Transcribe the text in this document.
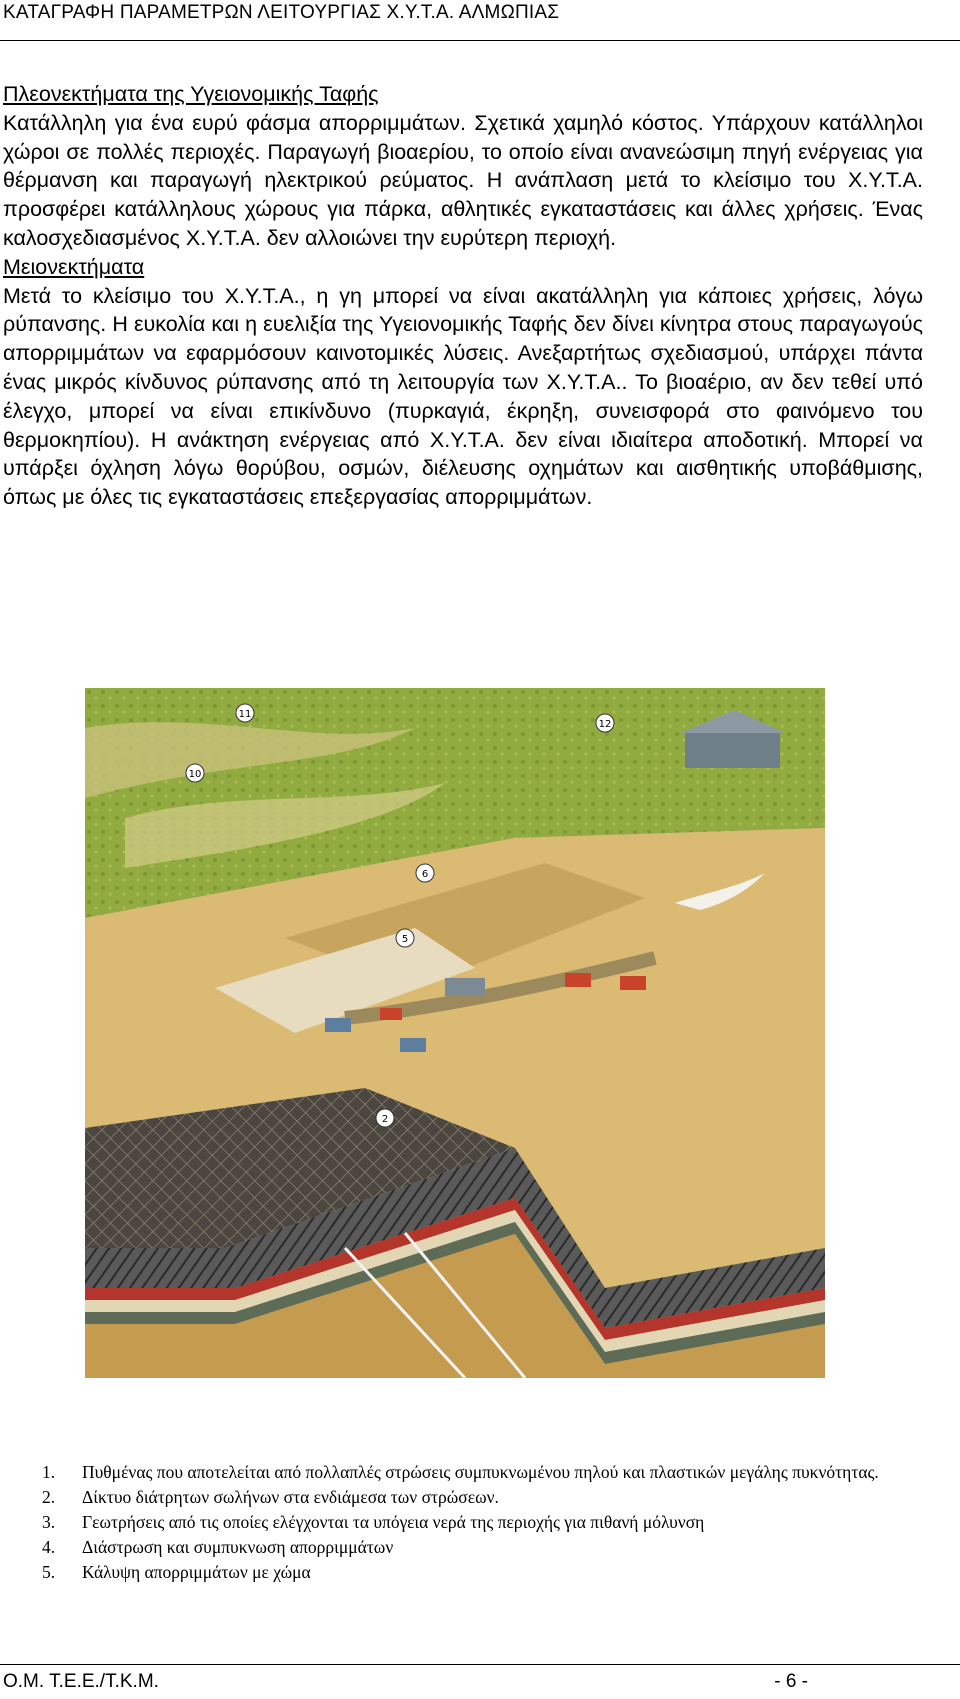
ΚΑΤΑΓΡΑΦΗ ΠΑΡΑΜΕΤΡΩΝ ΛΕΙΤΟΥΡΓΙΑΣ Χ.Υ.Τ.Α. ΑΛΜΩΠΙΑΣ

Πλεονεκτήματα της Υγειονομικής Ταφής

Κατάλληλη για ένα ευρύ φάσμα απορριμμάτων. Σχετικά χαμηλό κόστος. Υπάρχουν κατάλληλοι χώροι σε πολλές περιοχές. Παραγωγή βιοαερίου, το οποίο είναι ανανεώσιμη πηγή ενέργειας για θέρμανση και παραγωγή ηλεκτρικού ρεύματος. Η ανάπλαση μετά το κλείσιμο του Χ.Υ.Τ.Α. προσφέρει κατάλληλους χώρους για πάρκα, αθλητικές εγκαταστάσεις και άλλες χρήσεις. Ένας καλοσχεδιασμένος Χ.Υ.Τ.Α. δεν αλλοιώνει την ευρύτερη περιοχή.

Μειονεκτήματα

Μετά το κλείσιμο του Χ.Υ.Τ.Α., η γη μπορεί να είναι ακατάλληλη για κάποιες χρήσεις, λόγω ρύπανσης. Η ευκολία και η ευελιξία της Υγειονομικής Ταφής δεν δίνει κίνητρα στους παραγωγούς απορριμμάτων να εφαρμόσουν καινοτομικές λύσεις. Ανεξαρτήτως σχεδιασμού, υπάρχει πάντα ένας μικρός κίνδυνος ρύπανσης από τη λειτουργία των Χ.Υ.Τ.Α.. Το βιοαέριο, αν δεν τεθεί υπό έλεγχο, μπορεί να είναι επικίνδυνο (πυρκαγιά, έκρηξη, συνεισφορά στο φαινόμενο του θερμοκηπίου). Η ανάκτηση ενέργειας από Χ.Υ.Τ.Α. δεν είναι ιδιαίτερα αποδοτική. Μπορεί να υπάρξει όχληση λόγω θορύβου, οσμών, διέλευσης οχημάτων και αισθητικής υποβάθμισης, όπως με όλες τις εγκαταστάσεις επεξεργασίας απορριμμάτων.

10
11
12
6
5
2
1.	Πυθμένας που αποτελείται από πολλαπλές στρώσεις συμπυκνωμένου πηλού και πλαστικών μεγάλης πυκνότητας.
2.	Δίκτυο διάτρητων σωλήνων στα ενδιάμεσα των στρώσεων.
3.	Γεωτρήσεις από τις οποίες ελέγχονται τα υπόγεια νερά της περιοχής για πιθανή μόλυνση
4.	Διάστρωση και συμπυκνωση απορριμμάτων
5.	Κάλυψη απορριμμάτων με χώμα
Ο.Μ. Τ.Ε.Ε./Τ.Κ.Μ.	- 6 -
